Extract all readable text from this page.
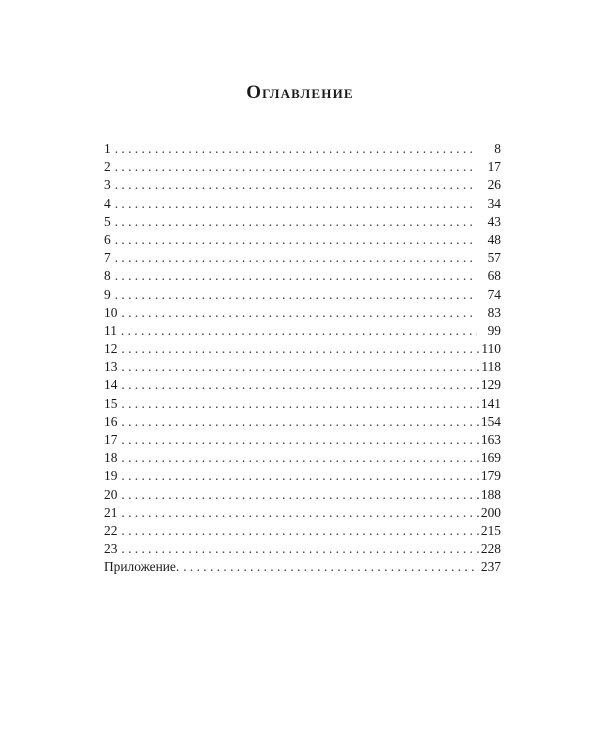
Оглавление
1 . . .	8
2 . . .	17
3 . . .	26
4 . . .	34
5 . . .	43
6 . . .	48
7 . . .	57
8 . . .	68
9 . . .	74
10 . . .	83
11 . . .	99
12 . . .	110
13 . . .	118
14 . . .	129
15 . . .	141
16 . . .	154
17 . . .	163
18 . . .	169
19 . . .	179
20 . . .	188
21 . . .	200
22 . . .	215
23 . . .	228
Приложение. . . .	237
